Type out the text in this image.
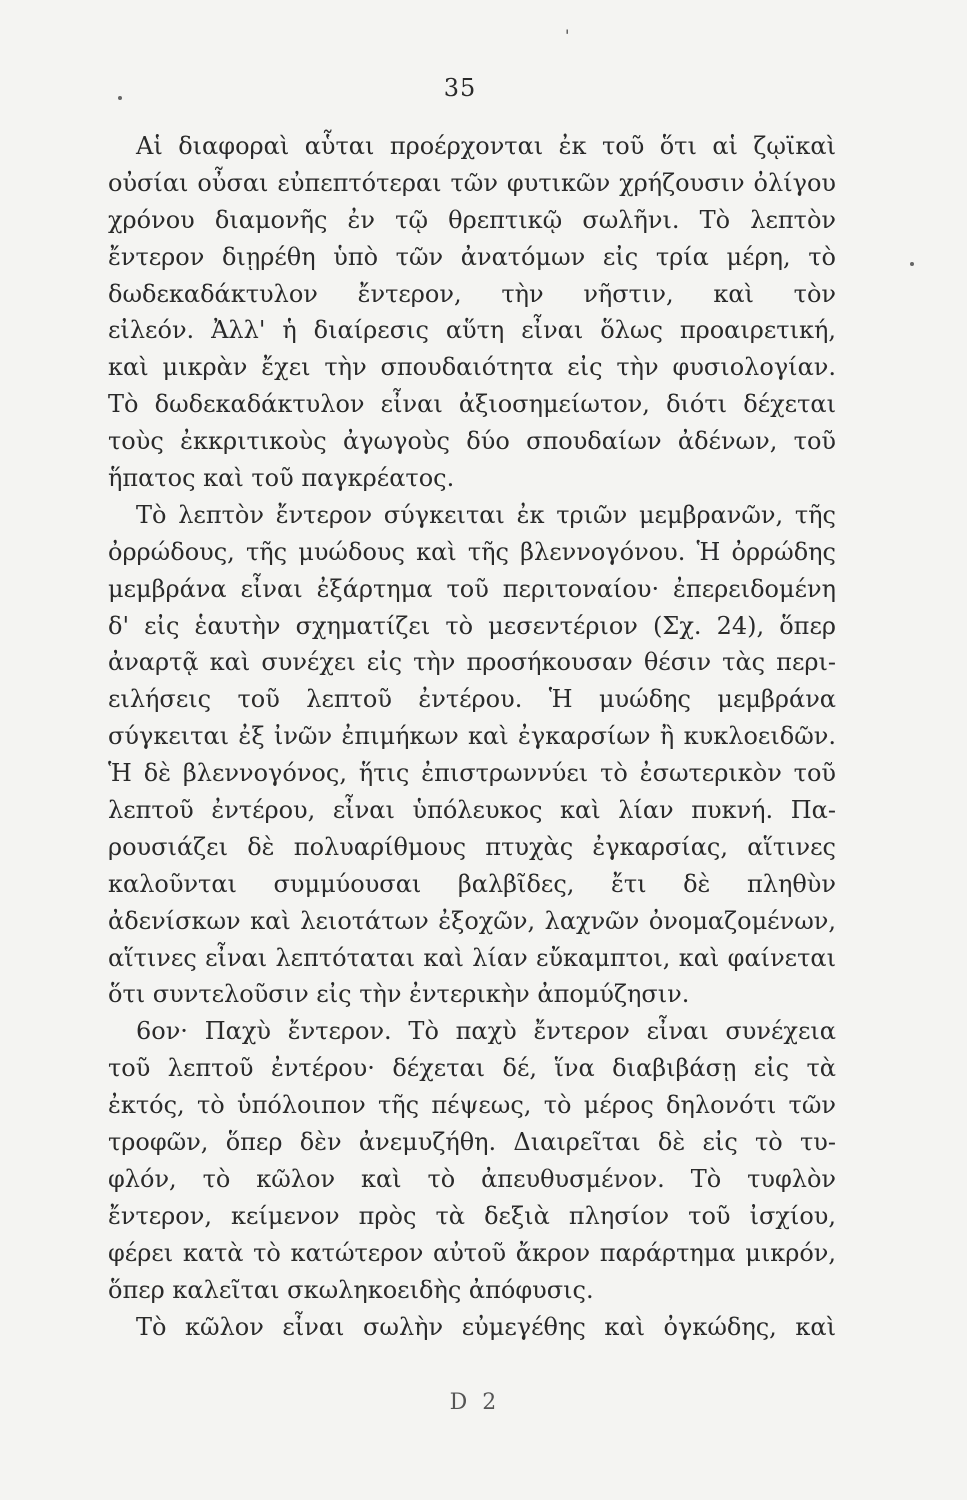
'
35
Αἱ διαφοραὶ αὗται προέρχονται ἐκ τοῦ ὅτι αἱ ζῳϊκαὶ
οὐσίαι οὖσαι εὐπεπτότεραι τῶν φυτικῶν χρήζουσιν ὀλίγου
χρόνου διαμονῆς ἐν τῷ θρεπτικῷ σωλῆνι. Τὸ λεπτὸν
ἔντερον διῃρέθη ὑπὸ τῶν ἀνατόμων εἰς τρία μέρη, τὸ
δωδεκαδάκτυλον ἔντερον, τὴν νῆστιν, καὶ τὸν
εἰλεόν. Ἀλλ' ἡ διαίρεσις αὕτη εἶναι ὅλως προαιρετική,
καὶ μικρὰν ἔχει τὴν σπουδαιότητα εἰς τὴν φυσιολογίαν.
Τὸ δωδεκαδάκτυλον εἶναι ἀξιοσημείωτον, διότι δέχεται
τοὺς ἐκκριτικοὺς ἀγωγοὺς δύο σπουδαίων ἀδένων, τοῦ
ἥπατος καὶ τοῦ παγκρέατος.
Τὸ λεπτὸν ἔντερον σύγκειται ἐκ τριῶν μεμβρανῶν, τῆς
ὀρρώδους, τῆς μυώδους καὶ τῆς βλεννογόνου. Ἡ ὀρρώδης
μεμβράνα εἶναι ἐξάρτημα τοῦ περιτοναίου· ἐπερειδομένη
δ' εἰς ἑαυτὴν σχηματίζει τὸ μεσεντέριον (Σχ. 24), ὅπερ
ἀναρτᾷ καὶ συνέχει εἰς τὴν προσήκουσαν θέσιν τὰς περι-
ειλήσεις τοῦ λεπτοῦ ἐντέρου. Ἡ μυώδης μεμβράνα
σύγκειται ἐξ ἰνῶν ἐπιμήκων καὶ ἐγκαρσίων ἢ κυκλοειδῶν.
Ἡ δὲ βλεννογόνος, ἥτις ἐπιστρωννύει τὸ ἐσωτερικὸν τοῦ
λεπτοῦ ἐντέρου, εἶναι ὑπόλευκος καὶ λίαν πυκνή. Πα-
ρουσιάζει δὲ πολυαρίθμους πτυχὰς ἐγκαρσίας, αἵτινες
καλοῦνται συμμύουσαι βαλβῖδες, ἔτι δὲ πληθὺν
ἀδενίσκων καὶ λειοτάτων ἐξοχῶν, λαχνῶν ὀνομαζομένων,
αἵτινες εἶναι λεπτόταται καὶ λίαν εὔκαμπτοι, καὶ φαίνεται
ὅτι συντελοῦσιν εἰς τὴν ἐντερικὴν ἀπομύζησιν.
6ον· Παχὺ ἔντερον. Τὸ παχὺ ἔντερον εἶναι συνέχεια
τοῦ λεπτοῦ ἐντέρου· δέχεται δέ, ἵνα διαβιβάσῃ εἰς τὰ
ἐκτός, τὸ ὑπόλοιπον τῆς πέψεως, τὸ μέρος δηλονότι τῶν
τροφῶν, ὅπερ δὲν ἀνεμυζήθη. Διαιρεῖται δὲ εἰς τὸ τυ-
φλόν, τὸ κῶλον καὶ τὸ ἀπευθυσμένον. Τὸ τυφλὸν
ἔντερον, κείμενον πρὸς τὰ δεξιὰ πλησίον τοῦ ἰσχίου,
φέρει κατὰ τὸ κατώτερον αὐτοῦ ἄκρον παράρτημα μικρόν,
ὅπερ καλεῖται σκωληκοειδὴς ἀπόφυσις.
Τὸ κῶλον εἶναι σωλὴν εὐμεγέθης καὶ ὀγκώδης, καὶ
D 2
